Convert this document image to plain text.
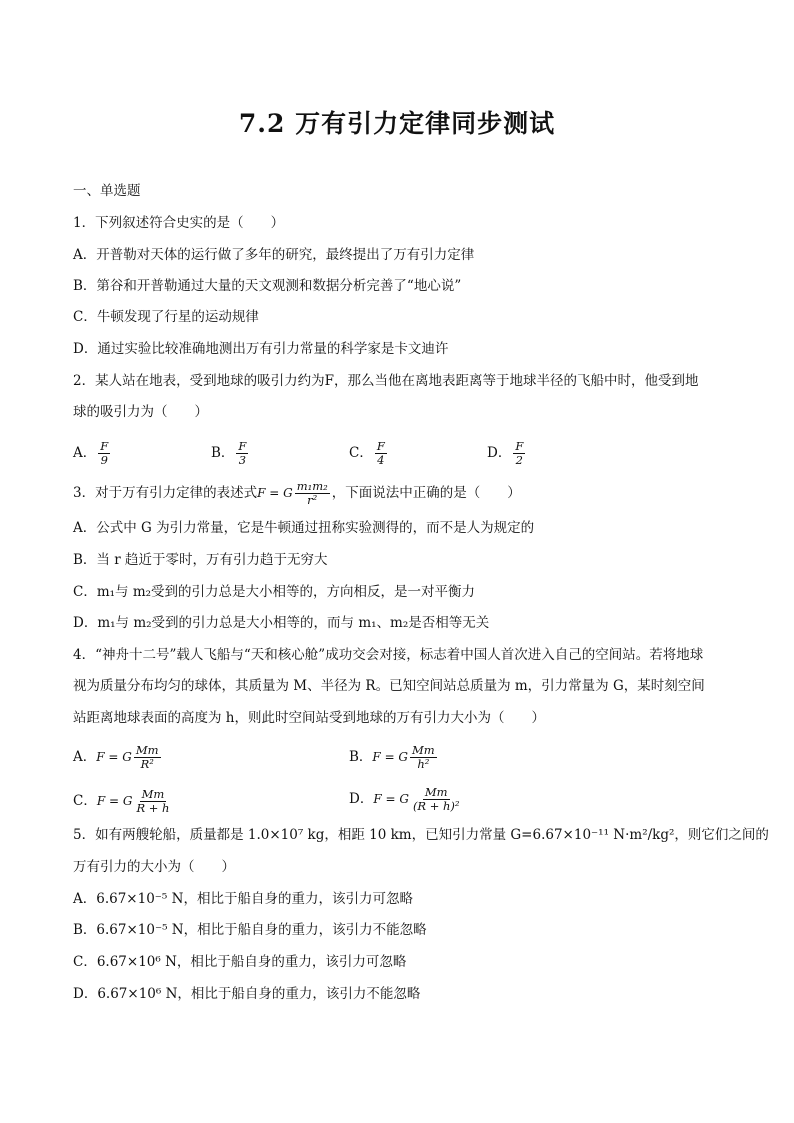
7.2 万有引力定律同步测试
一、单选题
1．下列叙述符合史实的是（　　）
A．开普勒对天体的运行做了多年的研究，最终提出了万有引力定律
B．第谷和开普勒通过大量的天文观测和数据分析完善了“地心说”
C．牛顿发现了行星的运动规律
D．通过实验比较准确地测出万有引力常量的科学家是卡文迪许
2．某人站在地表，受到地球的吸引力约为F，那么当他在离地表距离等于地球半径的飞船中时，他受到地
球的吸引力为（　　）
A． $\frac{F}{9}$	B． $\frac{F}{3}$	C． $\frac{F}{4}$	D． $\frac{F}{2}$
3．对于万有引力定律的表述式F = G $\frac{\text{m₁m₂}}{\text{r²}}$ ，下面说法中正确的是（　　）
A．公式中 G 为引力常量，它是牛顿通过扭称实验测得的，而不是人为规定的
B．当 r 趋近于零时，万有引力趋于无穷大
C．m₁与 m₂受到的引力总是大小相等的，方向相反，是一对平衡力
D．m₁与 m₂受到的引力总是大小相等的，而与 m₁、m₂是否相等无关
4．“神舟十二号”载人飞船与“天和核心舱”成功交会对接，标志着中国人首次进入自己的空间站。若将地球
视为质量分布均匀的球体，其质量为 M、半径为 R。已知空间站总质量为 m，引力常量为 G，某时刻空间
站距离地球表面的高度为 h，则此时空间站受到地球的万有引力大小为（　　）
A．F = G $\frac{Mm}{\text{R²}}$	B．F = G $\frac{Mm}{\text{h²}}$
C．F = G $\frac{Mm}{R + h}$	D．F = G $\frac{Mm}{\text{(R + h)²}}$
5．如有两艘轮船，质量都是 1.0×10⁷ kg，相距 10 km，已知引力常量 G=6.67×10⁻¹¹ N·m²/kg²，则它们之间的
万有引力的大小为（　　）
A．6.67×10⁻⁵ N，相比于船自身的重力，该引力可忽略
B．6.67×10⁻⁵ N，相比于船自身的重力，该引力不能忽略
C．6.67×10⁶ N，相比于船自身的重力，该引力可忽略
D．6.67×10⁶ N，相比于船自身的重力，该引力不能忽略
